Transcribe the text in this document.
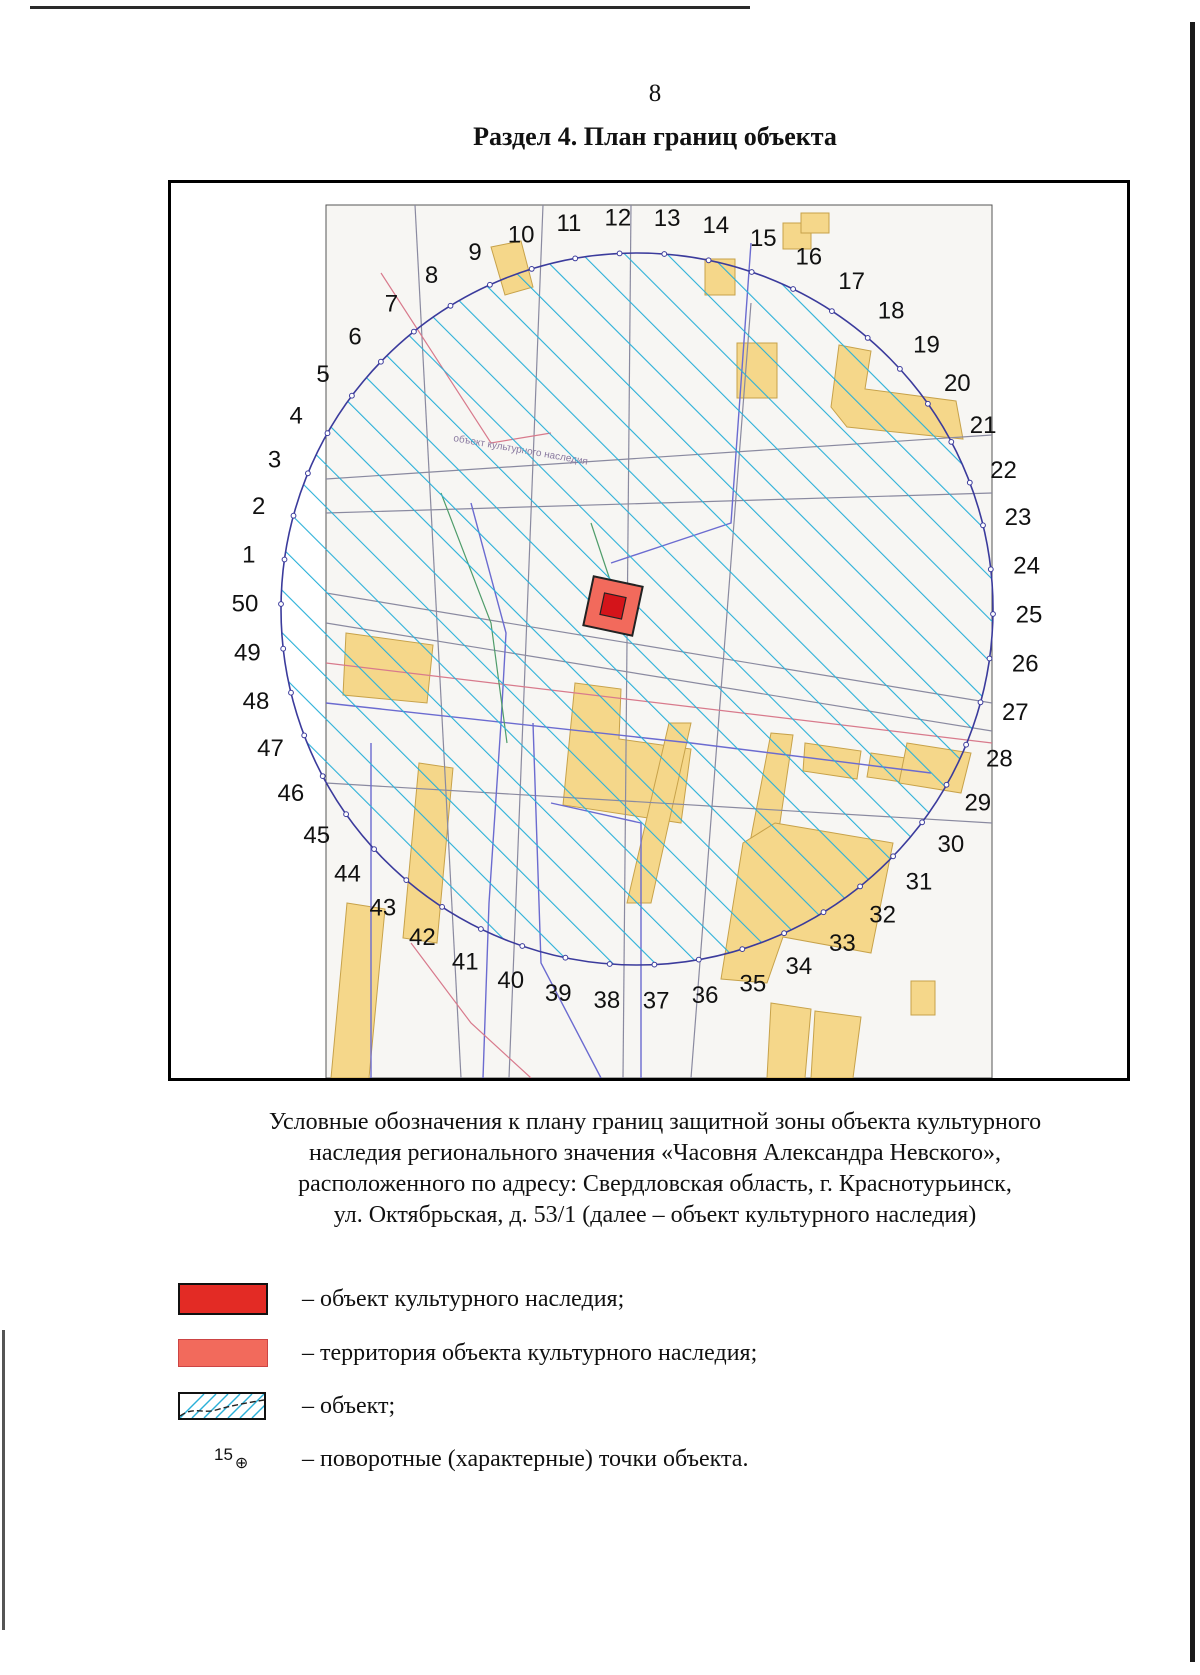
8
Раздел 4. План границ объекта
1
2
3
4
5
6
7
8
9
10 11 12 13 14 15
16
17
18
19
20
21
22
23
24
25
26
27
28
29
30
31
32
33
34
35
36
37
38
39
40
41
42
43
44
45
46
47
48
49
50
Условные обозначения к плану границ защитной зоны объекта культурного
наследия регионального значения «Часовня Александра Невского»,
расположенного по адресу: Свердловская область, г. Краснотурьинск,
ул. Октябрьская, д. 53/1 (далее – объект культурного наследия)
– объект культурного наследия;
– территория объекта культурного наследия;
– объект;
15 ⊕ – поворотные (характерные) точки объекта.
